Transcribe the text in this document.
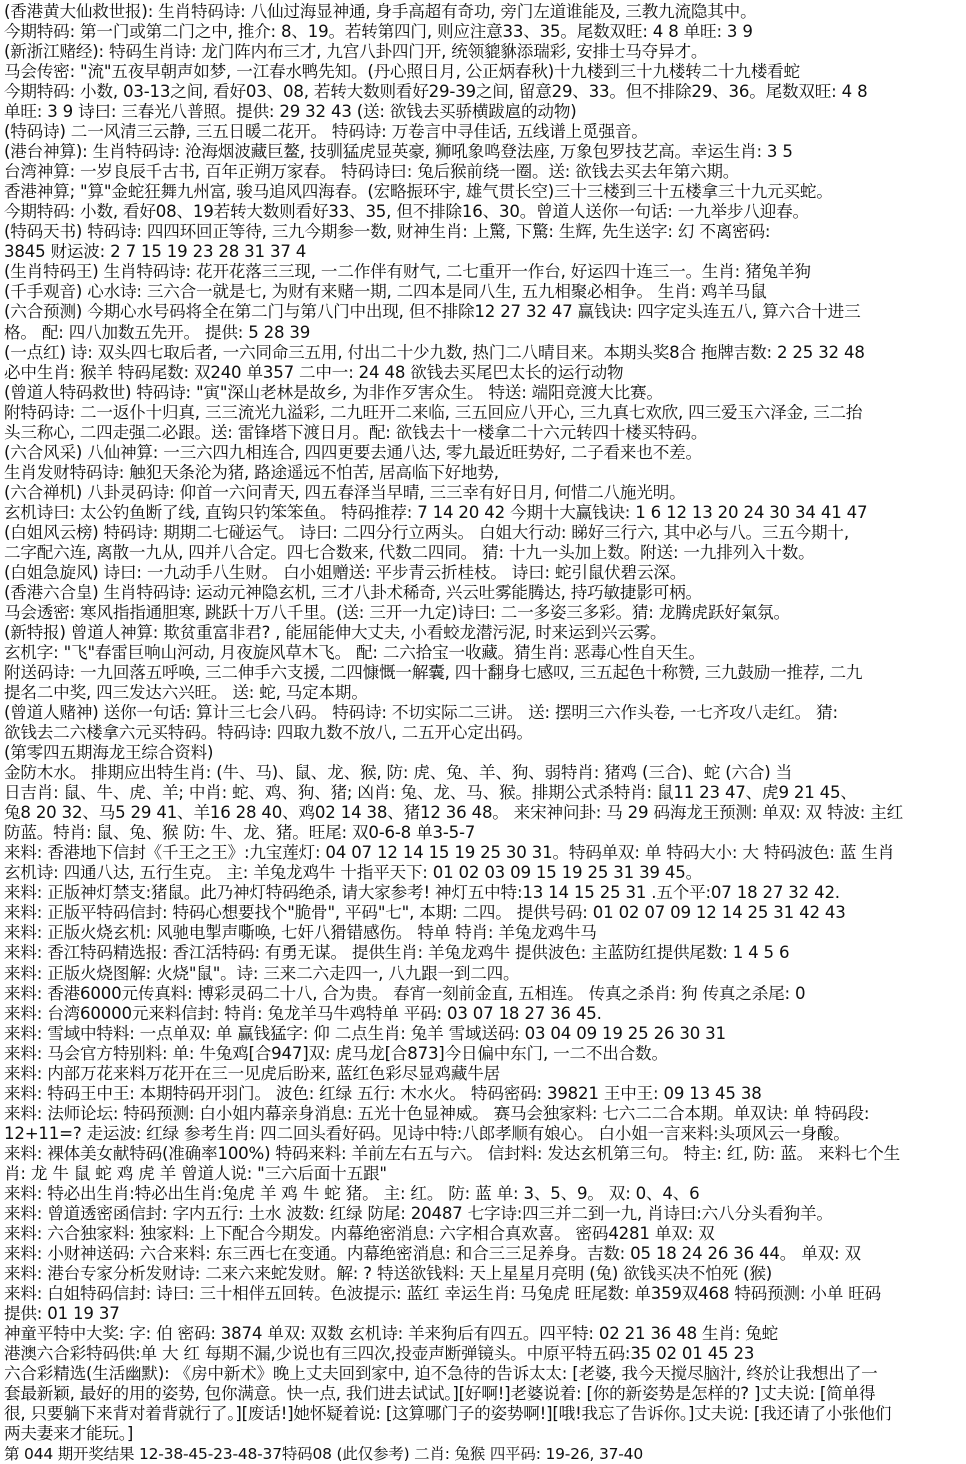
(香港黄大仙救世报): 生肖特码诗: 八仙过海显神通, 身手高超有奇功, 旁门左道谁能及, 三教九流隐其中。
今期特码: 第一门或第二门之中, 推介: 8、19。若转第四门, 则应注意33、35。尾数双旺: 4 8 单旺: 3 9
(新浙江赌经): 特码生肖诗: 龙门阵内布三才, 九宫八卦四门开, 统领貔貅添瑞彩, 安排士马夺异才。
马会传密: "流"五夜早朝声如梦, 一江春水鸭先知。(丹心照日月, 公正炳春秋)十九楼到三十九楼转二十九楼看蛇
今期特码: 小数, 03-13之间, 看好03、08, 若转大数则看好29-39之间, 留意29、33。但不排除29、36。尾数双旺: 4 8
单旺: 3 9 诗曰: 三春光八普照。提供: 29 32 43 (送: 欲钱去买骄横跋扈的动物)
(特码诗) 二一风清三云静, 三五日暖二花开。 特码诗: 万卷言中寻佳话, 五线谱上觅强音。
(港台神算): 生肖特码诗: 沧海烟波藏巨鳌, 技驯猛虎显英豪, 狮吼象鸣登法座, 万象包罗技艺高。幸运生肖: 3 5
台湾神算: 一岁良辰千古书, 百年正朔万家春。 特码诗曰: 兔后猴前绕一圈。送: 欲钱去买去年第六期。
香港神算; "算"金蛇狂舞九州富, 骏马追风四海春。(宏略振环宇, 雄气贯长空)三十三楼到三十五楼拿三十九元买蛇。
今期特码: 小数, 看好08、19若转大数则看好33、35, 但不排除16、30。曾道人送你一句话: 一九举步八迎春。
(特码天书) 特码诗: 四四环回正等待, 三九今期参一数, 财神生肖: 上驚, 下驚: 生辉, 先生送字: 幻 不离密码:
3845 财运波: 2 7 15 19 23 28 31 37 4
(生肖特码王) 生肖特码诗: 花开花落三三现, 一二作伴有财气, 二七重开一作台, 好运四十连三一。生肖: 猪兔羊狗
(千手观音) 心水诗: 三六合一就是七, 为财有来赌一期, 二四本是同八生, 五九相聚必相争。 生肖: 鸡羊马鼠
(六合预测) 今期心水号码将全在第二门与第八门中出现, 但不排除12 27 32 47 赢钱诀: 四字定头连五八, 算六合十进三
格。 配: 四八加数五先开。 提供: 5 28 39
(一点红) 诗: 双头四七取后者, 一六同命三五用, 付出二十少九数, 热门二八晴目来。本期头奖8合 拖牌吉数: 2 25 32 48
必中生肖: 猴羊 特码尾数: 双240 单357 二中一: 24 48 欲钱去买尾巴太长的运行动物
(曾道人特码救世) 特码诗: "寅"深山老林是故乡, 为非作歹害众生。 特送: 端阳竞渡大比赛。
附特码诗: 二一返仆十归真, 三三流光九溢彩, 二九旺开二来临, 三五回应八开心, 三九真七欢欣, 四三爱玉六泽金, 三二抬
头三称心, 二四走强二必跟。送: 雷锋塔下渡日月。配: 欲钱去十一楼拿二十六元转四十楼买特码。
(六合风采) 八仙神算: 一三六四九相连合, 四四更要去通八达, 零九最近旺势好, 二子看来也不差。
生肖发财特码诗: 触犯天条沦为猪, 路途遥远不怕苦, 居高临下好地势,
(六合禅机) 八卦灵码诗: 仰首一六问青天, 四五春泽当早晴, 三三幸有好日月, 何惜二八施光明。
玄机诗曰: 太公钓鱼断了线, 直钩只钓笨笨鱼。 特码推荐: 7 14 20 42 今期十大赢钱诀: 1 6 12 13 20 24 30 34 41 47
(白姐风云榜) 特码诗: 期期二七碰运气。 诗曰: 二四分行立两头。 白姐大行动: 睇好三行六, 其中必与八。三五今期十,
二字配六连, 离散一九从, 四并八合定。四七合数来, 代数二四同。 猜: 十九一头加上数。附送: 一九排列入十数。
(白姐急旋风) 诗曰: 一九动手八生财。 白小姐赠送: 平步青云折桂枝。 诗曰: 蛇引鼠伏碧云深。
(香港六合皇) 生肖特码诗: 运动元神隐玄机, 三才八卦术稀奇, 兴云吐雾能腾达, 持巧敏捷影可柄。
马会透密: 寒风指指通胆寒, 跳跃十万八千里。(送: 三开一九定)诗曰: 二一多姿三多彩。猜: 龙腾虎跃好氣氛。
(新特报) 曾道人神算: 欺贫重富非君? , 能屈能伸大丈夫, 小看蛟龙潜污泥, 时来运到兴云雾。
玄机字: "飞"春雷巨响山河动, 月夜旋风草木飞。 配: 二六拾宝一收藏。猜生肖: 恶毒心性自天生。
附送码诗: 一九回落五呼唤, 三二伸手六支援, 二四慷慨一解囊, 四十翻身七感叹, 三五起色十称赞, 三九鼓励一推荐, 二九
提名二中奖, 四三发达六兴旺。 送: 蛇, 马定本期。
(曾道人赌神) 送你一句话: 算计三七会八码。 特码诗: 不切实际二三讲。 送: 摆明三六作头卷, 一七齐攻八走红。 猜:
欲钱去二六楼拿六元买特码。特码诗: 四取九数不放八, 二五开心定出码。
(第零四五期海龙王综合资料)
金防木水。 排期应出特生肖: (牛、马)、鼠、龙、猴, 防: 虎、兔、羊、狗、弱特肖: 猪鸡 (三合)、蛇 (六合) 当
日吉肖: 鼠、牛、虎、羊; 中肖: 蛇、鸡、狗、猪; 凶肖: 兔、龙、马、猴。排期公式杀特肖: 鼠11 23 47、虎9 21 45、
兔8 20 32、马5 29 41、羊16 28 40、鸡02 14 38、猪12 36 48。 来宋神问卦: 马 29 码海龙王预测: 单双: 双 特波: 主红
防蓝。特肖: 鼠、兔、猴 防: 牛、龙、猪。旺尾: 双0-6-8 单3-5-7
来料: 香港地下信封《千王之王》:九宝莲灯: 04 07 12 14 15 19 25 30 31。特码单双: 单 特码大小: 大 特码波色: 蓝 生肖
玄机诗: 四通八达, 五行生克。 主: 羊兔龙鸡牛 十指平天下: 01 02 03 09 15 19 25 31 39 45。
来料: 正版神灯禁支:猪鼠。此乃神灯特码绝杀, 请大家参考! 神灯五中特:13 14 15 25 31 .五个平:07 18 27 32 42.
来料: 正版平特码信封: 特码心想要找个"脆骨", 平码"七", 本期: 二四。 提供号码: 01 02 07 09 12 14 25 31 42 43
来料: 正版火烧玄机: 风驰电掣声嘶唤, 七奸八猾错感伤。 特单 特肖: 羊兔龙鸡牛马
来料: 香江特码精选报: 香江活特码: 有勇无谋。 提供生肖: 羊兔龙鸡牛 提供波色: 主蓝防红提供尾数: 1 4 5 6
来料: 正版火烧图解: 火烧"鼠"。诗: 三来二六走四一, 八九跟一到二四。
来料: 香港6000元传真料: 博彩灵码二十八, 合为贵。 春宵一刻前金直, 五相连。 传真之杀肖: 狗 传真之杀尾: 0
来料: 台湾60000元来料信封: 特肖: 兔龙羊马牛鸡特单 平码: 03 07 18 27 36 45.
来料: 雪域中特料: 一点单双: 单 赢钱猛字: 仰 二点生肖: 兔羊 雪域送码: 03 04 09 19 25 26 30 31
来料: 马会官方特别料: 单: 牛兔鸡[合947]双: 虎马龙[合873]今日偏中东门, 一二不出合数。
来料: 内部万花来料万花开在三一见虎后盼来, 蓝红色彩尽显鸡藏牛居
来料: 特码王中王: 本期特码开羽门。 波色: 红绿 五行: 木水火。 特码密码: 39821 王中王: 09 13 45 38
来料: 法师论坛: 特码预测: 白小姐内幕亲身消息: 五光十色显神威。 赛马会独家料: 七六二二合本期。单双诀: 单 特码段:
12+11=? 走运波: 红绿 参考生肖: 四二回头看好码。见诗中特:八郎孝顺有娘心。 白小姐一言来料:头项风云一身酸。
来料: 裸体美女献特码(准确率100%) 特码来料: 羊前左右五与六。 信封料: 发达玄机第三句。 特主: 红, 防: 蓝。 来料七个生
肖: 龙 牛 鼠 蛇 鸡 虎 羊 曾道人说: "三六后面十五跟"
来料: 特必出生肖:特必出生肖:兔虎 羊 鸡 牛 蛇 猪。 主: 红。 防: 蓝 单: 3、5、9。 双: 0、4、6
来料: 曾道透密函信封: 字内五行: 土水 波数: 红绿 防尾: 20487 七字诗:四三并二到一九, 肖诗曰:六八分头看狗羊。
来料: 六合独家料: 独家料: 上下配合今期发。内幕绝密消息: 六字相合真欢喜。 密码4281 单双: 双
来料: 小财神送码: 六合来料: 东三西七在变通。内幕绝密消息: 和合三三足养身。吉数: 05 18 24 26 36 44。 单双: 双
来料: 港台专家分析发财诗: 二来六来蛇发财。解: ? 特送欲钱料: 天上星星月亮明 (兔) 欲钱买决不怕死 (猴)
来料: 白姐特码信封: 诗曰: 三十相伴五回转。色波提示: 蓝红 幸运生肖: 马兔虎 旺尾数: 单359双468 特码预测: 小单 旺码
提供: 01 19 37
神童平特中大奖: 字: 伯 密码: 3874 单双: 双数 玄机诗: 羊来狗后有四五。四平特: 02 21 36 48 生肖: 兔蛇
港澳六合彩特码供:单 大 红 每期不漏,少说也有三四次,投壶声断弹镜头。中原平特五码:35 02 01 45 23
六合彩精选(生活幽默): 《房中新术》晚上丈夫回到家中, 迫不急待的告诉太太: [老婆, 我今天搅尽脑汁, 终於让我想出了一
套最新颖, 最好的用的姿势, 包你满意。快一点, 我们进去试试。][好啊!]老婆说着: [你的新姿势是怎样的? ]丈夫说: [简单得
很, 只要躺下来背对着背就行了。][废话!]她怀疑着说: [这算哪门子的姿势啊!][哦!我忘了告诉你。]丈夫说: [我还请了小张他们
两夫妻来才能玩。]
第 044 期开奖结果 12-38-45-23-48-37特码08 (此仅参考) 二肖: 兔猴 四平码: 19-26, 37-40
